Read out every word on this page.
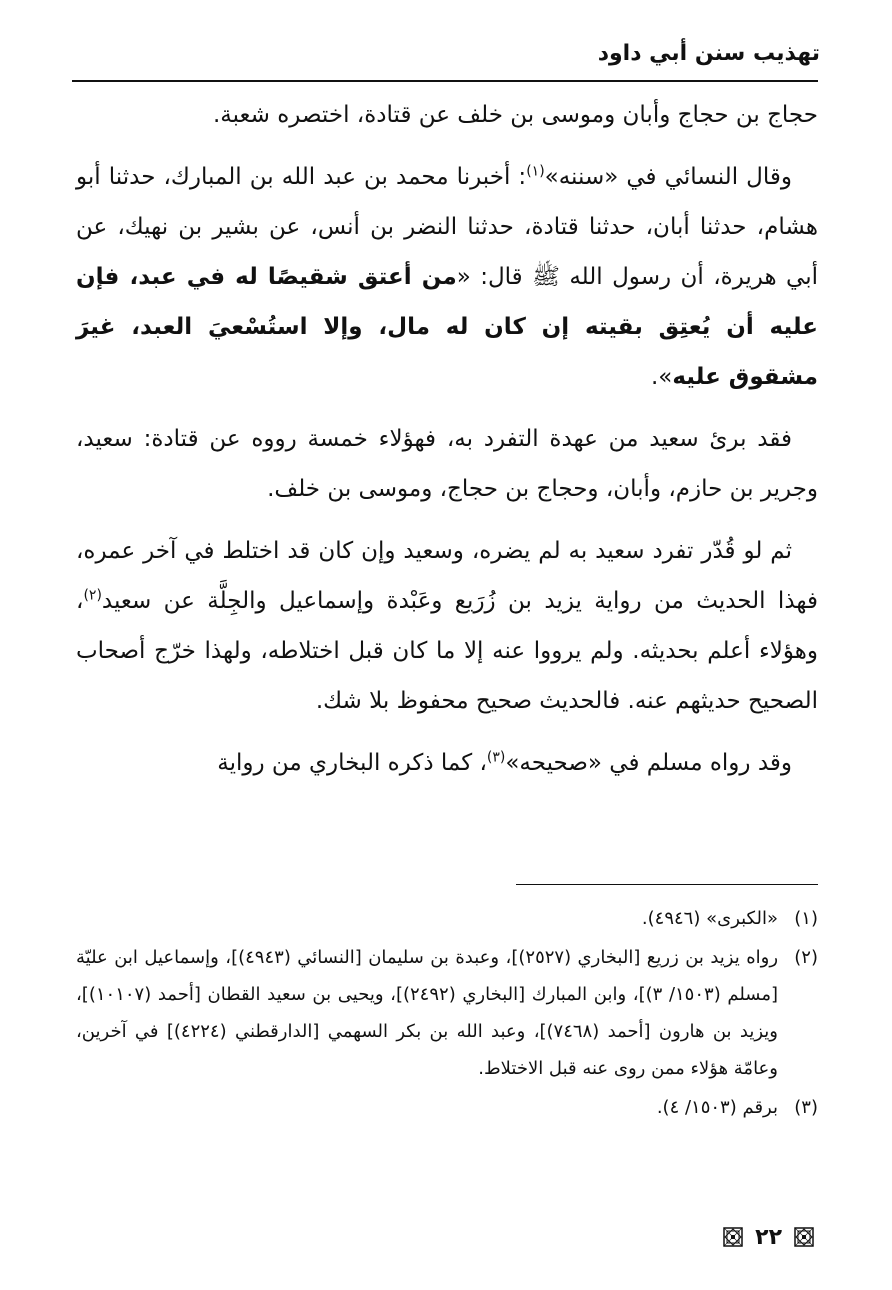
تهذيب سنن أبي داود

حجاج بن حجاج وأبان وموسى بن خلف عن قتادة، اختصره شعبة.

وقال النسائي في «سننه»$^{(١)}$: أخبرنا محمد بن عبد الله بن المبارك، حدثنا أبو هشام، حدثنا أبان، حدثنا قتادة، حدثنا النضر بن أنس، عن بشير بن نهيك، عن أبي هريرة، أن رسول الله ﷺ قال: «من أعتق شقيصًا له في عبد، فإن عليه أن يُعتِق بقيته إن كان له مال، وإلا استُسْعيَ العبد، غيرَ مشقوق عليه».

فقد برئ سعيد من عهدة التفرد به، فهؤلاء خمسة رووه عن قتادة: سعيد، وجرير بن حازم، وأبان، وحجاج بن حجاج، وموسى بن خلف.

ثم لو قُدّر تفرد سعيد به لم يضره، وسعيد وإن كان قد اختلط في آخر عمره، فهذا الحديث من رواية يزيد بن زُرَيع وعَبْدة وإسماعيل والجِلَّة عن سعيد$^{(٢)}$، وهؤلاء أعلم بحديثه. ولم يرووا عنه إلا ما كان قبل اختلاطه، ولهذا خرّج أصحاب الصحيح حديثهم عنه. فالحديث صحيح محفوظ بلا شك.

وقد رواه مسلم في «صحيحه»$^{(٣)}$، كما ذكره البخاري من رواية

(١)
«الكبرى» (٤٩٤٦).
(٢)
رواه يزيد بن زريع [البخاري (٢٥٢٧)]، وعبدة بن سليمان [النسائي (٤٩٤٣)]، وإسماعيل ابن عليّة [مسلم (١٥٠٣/ ٣)]، وابن المبارك [البخاري (٢٤٩٢)]، ويحيى بن سعيد القطان [أحمد (١٠١٠٧)]، ويزيد بن هارون [أحمد (٧٤٦٨)]، وعبد الله بن بكر السهمي [الدارقطني (٤٢٢٤)] في آخرين، وعامّة هؤلاء ممن روى عنه قبل الاختلاط.
(٣)
برقم (١٥٠٣/ ٤).
٢٢
